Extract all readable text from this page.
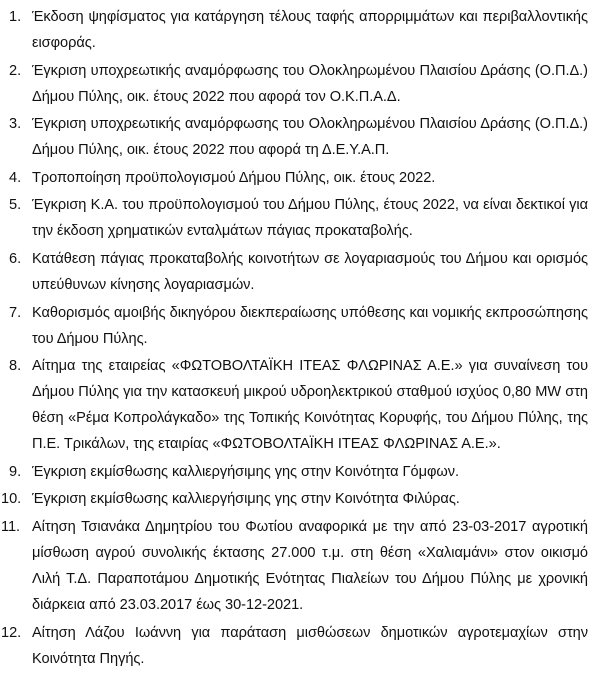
1. Έκδοση ψηφίσματος για κατάργηση τέλους ταφής απορριμμάτων και περιβαλλοντικής εισφοράς.
2. Έγκριση υποχρεωτικής αναμόρφωσης του Ολοκληρωμένου Πλαισίου Δράσης (Ο.Π.Δ.) Δήμου Πύλης, οικ. έτους 2022 που αφορά τον Ο.Κ.Π.Α.Δ.
3. Έγκριση υποχρεωτικής αναμόρφωσης του Ολοκληρωμένου Πλαισίου Δράσης (Ο.Π.Δ.) Δήμου Πύλης, οικ. έτους 2022 που αφορά τη Δ.Ε.Υ.Α.Π.
4. Τροποποίηση προϋπολογισμού Δήμου Πύλης, οικ. έτους 2022.
5. Έγκριση Κ.Α. του προϋπολογισμού του Δήμου Πύλης, έτους 2022, να είναι δεκτικοί για την έκδοση χρηματικών ενταλμάτων πάγιας προκαταβολής.
6. Κατάθεση πάγιας προκαταβολής κοινοτήτων σε λογαριασμούς του Δήμου και ορισμός υπεύθυνων κίνησης λογαριασμών.
7. Καθορισμός αμοιβής δικηγόρου διεκπεραίωσης υπόθεσης και νομικής εκπροσώπησης του Δήμου Πύλης.
8. Αίτημα της εταιρείας «ΦΩΤΟΒΟΛΤΑΪΚΗ ΙΤΕΑΣ ΦΛΩΡΙΝΑΣ Α.Ε.» για συναίνεση του Δήμου Πύλης για την κατασκευή μικρού υδροηλεκτρικού σταθμού ισχύος 0,80 MW στη θέση «Ρέμα Κοπρολάγκαδο» της Τοπικής Κοινότητας Κορυφής, του Δήμου Πύλης, της Π.Ε. Τρικάλων, της εταιρίας «ΦΩΤΟΒΟΛΤΑΪΚΗ ΙΤΕΑΣ ΦΛΩΡΙΝΑΣ Α.Ε.».
9. Έγκριση εκμίσθωσης καλλιεργήσιμης γης στην Κοινότητα Γόμφων.
10. Έγκριση εκμίσθωσης καλλιεργήσιμης γης στην Κοινότητα Φιλύρας.
11. Αίτηση Τσιανάκα Δημητρίου του Φωτίου αναφορικά με την από 23-03-2017 αγροτική μίσθωση αγρού συνολικής έκτασης 27.000 τ.μ. στη θέση «Χαλιαμάνι» στον οικισμό Λιλή Τ.Δ. Παραποτάμου Δημοτικής Ενότητας Πιαλείων του Δήμου Πύλης με χρονική διάρκεια από 23.03.2017 έως 30-12-2021.
12. Αίτηση Λάζου Ιωάννη για παράταση μισθώσεων δημοτικών αγροτεμαχίων στην Κοινότητα Πηγής.
